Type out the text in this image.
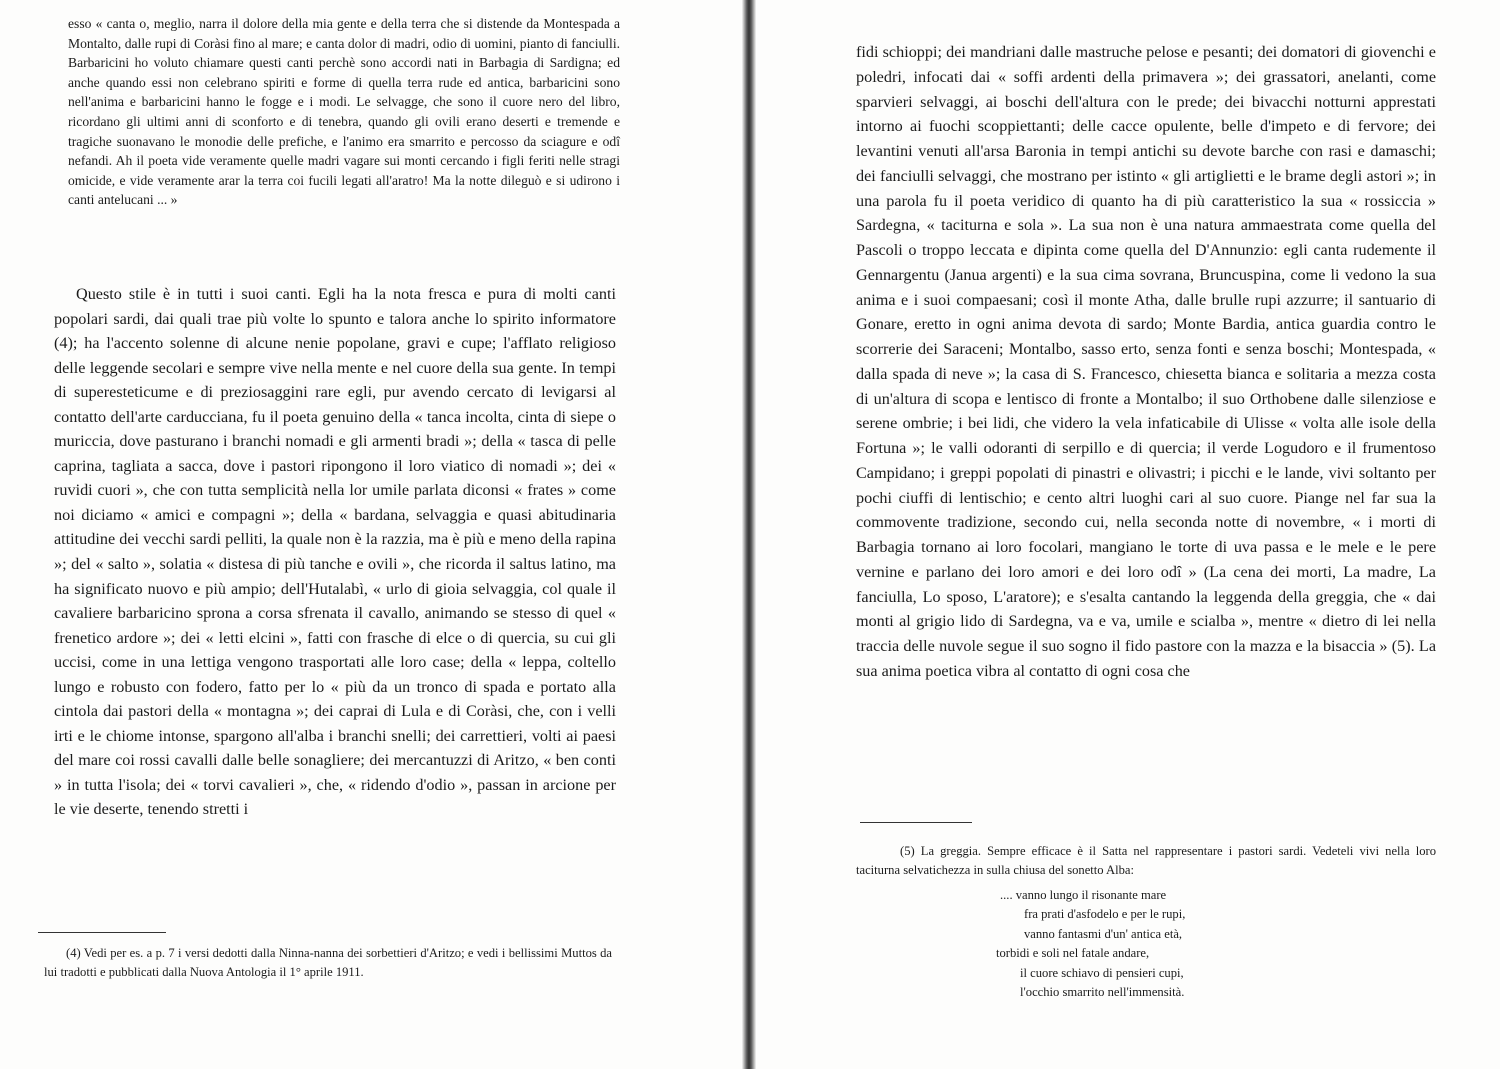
esso « canta o, meglio, narra il dolore della mia gente e della terra che si distende da Montespada a Montalto, dalle rupi di Coràsi fino al mare; e canta dolor di madri, odio di uomini, pianto di fanciulli. Barbaricini ho voluto chiamare questi canti perchè sono accordi nati in Barbagia di Sardigna; ed anche quando essi non celebrano spiriti e forme di quella terra rude ed antica, barbaricini sono nell'anima e barbaricini hanno le fogge e i modi. Le selvagge, che sono il cuore nero del libro, ricordano gli ultimi anni di sconforto e di tenebra, quando gli ovili erano deserti e tremende e tragiche suonavano le monodie delle prefiche, e l'animo era smarrito e percosso da sciagure e odî nefandi. Ah il poeta vide veramente quelle madri vagare sui monti cercando i figli feriti nelle stragi omicide, e vide veramente arar la terra coi fucili legati all'aratro! Ma la notte dileguò e si udirono i canti antelucani ... »

Questo stile è in tutti i suoi canti. Egli ha la nota fresca e pura di molti canti popolari sardi, dai quali trae più volte lo spunto e talora anche lo spirito informatore (4); ha l'accento solenne di alcune nenie popolane, gravi e cupe; l'afflato religioso delle leggende secolari e sempre vive nella mente e nel cuore della sua gente. In tempi di superesteticume e di preziosaggini rare egli, pur avendo cercato di levigarsi al contatto dell'arte carducciana, fu il poeta genuino della « tanca incolta, cinta di siepe o muriccia, dove pasturano i branchi nomadi e gli armenti bradi »; della « tasca di pelle caprina, tagliata a sacca, dove i pastori ripongono il loro viatico di nomadi »; dei « ruvidi cuori », che con tutta semplicità nella lor umile parlata diconsi « frates » come noi diciamo « amici e compagni »; della « bardana, selvaggia e quasi abitudinaria attitudine dei vecchi sardi pelliti, la quale non è la razzia, ma è più e meno della rapina »; del « salto », solatia « distesa di più tanche e ovili », che ricorda il saltus latino, ma ha significato nuovo e più ampio; dell'Hutalabì, « urlo di gioia selvaggia, col quale il cavaliere barbaricino sprona a corsa sfrenata il cavallo, animando se stesso di quel « frenetico ardore »; dei « letti elcini », fatti con frasche di elce o di quercia, su cui gli uccisi, come in una lettiga vengono trasportati alle loro case; della « leppa, coltello lungo e robusto con fodero, fatto per lo « più da un tronco di spada e portato alla cintola dai pastori della « montagna »; dei caprai di Lula e di Coràsi, che, con i velli irti e le chiome intonse, spargono all'alba i branchi snelli; dei carrettieri, volti ai paesi del mare coi rossi cavalli dalle belle sonagliere; dei mercantuzzi di Aritzo, « ben conti » in tutta l'isola; dei « torvi cavalieri », che, « ridendo d'odio », passan in arcione per le vie deserte, tenendo stretti i

(4) Vedi per es. a p. 7 i versi dedotti dalla Ninna-nanna dei sorbettieri d'Aritzo; e vedi i bellissimi Muttos da lui tradotti e pubblicati dalla Nuova Antologia il 1° aprile 1911.

fidi schioppi; dei mandriani dalle mastruche pelose e pesanti; dei domatori di giovenchi e poledri, infocati dai « soffi ardenti della primavera »; dei grassatori, anelanti, come sparvieri selvaggi, ai boschi dell'altura con le prede; dei bivacchi notturni apprestati intorno ai fuochi scoppiettanti; delle cacce opulente, belle d'impeto e di fervore; dei levantini venuti all'arsa Baronia in tempi antichi su devote barche con rasi e damaschi; dei fanciulli selvaggi, che mostrano per istinto « gli artiglietti e le brame degli astori »; in una parola fu il poeta veridico di quanto ha di più caratteristico la sua « rossiccia » Sardegna, « taciturna e sola ». La sua non è una natura ammaestrata come quella del Pascoli o troppo leccata e dipinta come quella del D'Annunzio: egli canta rudemente il Gennargentu (Janua argenti) e la sua cima sovrana, Bruncuspina, come li vedono la sua anima e i suoi compaesani; così il monte Atha, dalle brulle rupi azzurre; il santuario di Gonare, eretto in ogni anima devota di sardo; Monte Bardia, antica guardia contro le scorrerie dei Saraceni; Montalbo, sasso erto, senza fonti e senza boschi; Montespada, « dalla spada di neve »; la casa di S. Francesco, chiesetta bianca e solitaria a mezza costa di un'altura di scopa e lentisco di fronte a Montalbo; il suo Orthobene dalle silenziose e serene ombrie; i bei lidi, che videro la vela infaticabile di Ulisse « volta alle isole della Fortuna »; le valli odoranti di serpillo e di quercia; il verde Logudoro e il frumentoso Campidano; i greppi popolati di pinastri e olivastri; i picchi e le lande, vivi soltanto per pochi ciuffi di lentischio; e cento altri luoghi cari al suo cuore. Piange nel far sua la commovente tradizione, secondo cui, nella seconda notte di novembre, « i morti di Barbagia tornano ai loro focolari, mangiano le torte di uva passa e le mele e le pere vernine e parlano dei loro amori e dei loro odî » (La cena dei morti, La madre, La fanciulla, Lo sposo, L'aratore); e s'esalta cantando la leggenda della greggia, che « dai monti al grigio lido di Sardegna, va e va, umile e scialba », mentre « dietro di lei nella traccia delle nuvole segue il suo sogno il fido pastore con la mazza e la bisaccia » (5). La sua anima poetica vibra al contatto di ogni cosa che

(5) La greggia. Sempre efficace è il Satta nel rappresentare i pastori sardi. Vedeteli vivi nella loro taciturna selvatichezza in sulla chiusa del sonetto Alba:

.... vanno lungo il risonante mare
fra prati d'asfodelo e per le rupi,
vanno fantasmi d'un' antica età,
torbidi e soli nel fatale andare,
il cuore schiavo di pensieri cupi,
l'occhio smarrito nell'immensità.
